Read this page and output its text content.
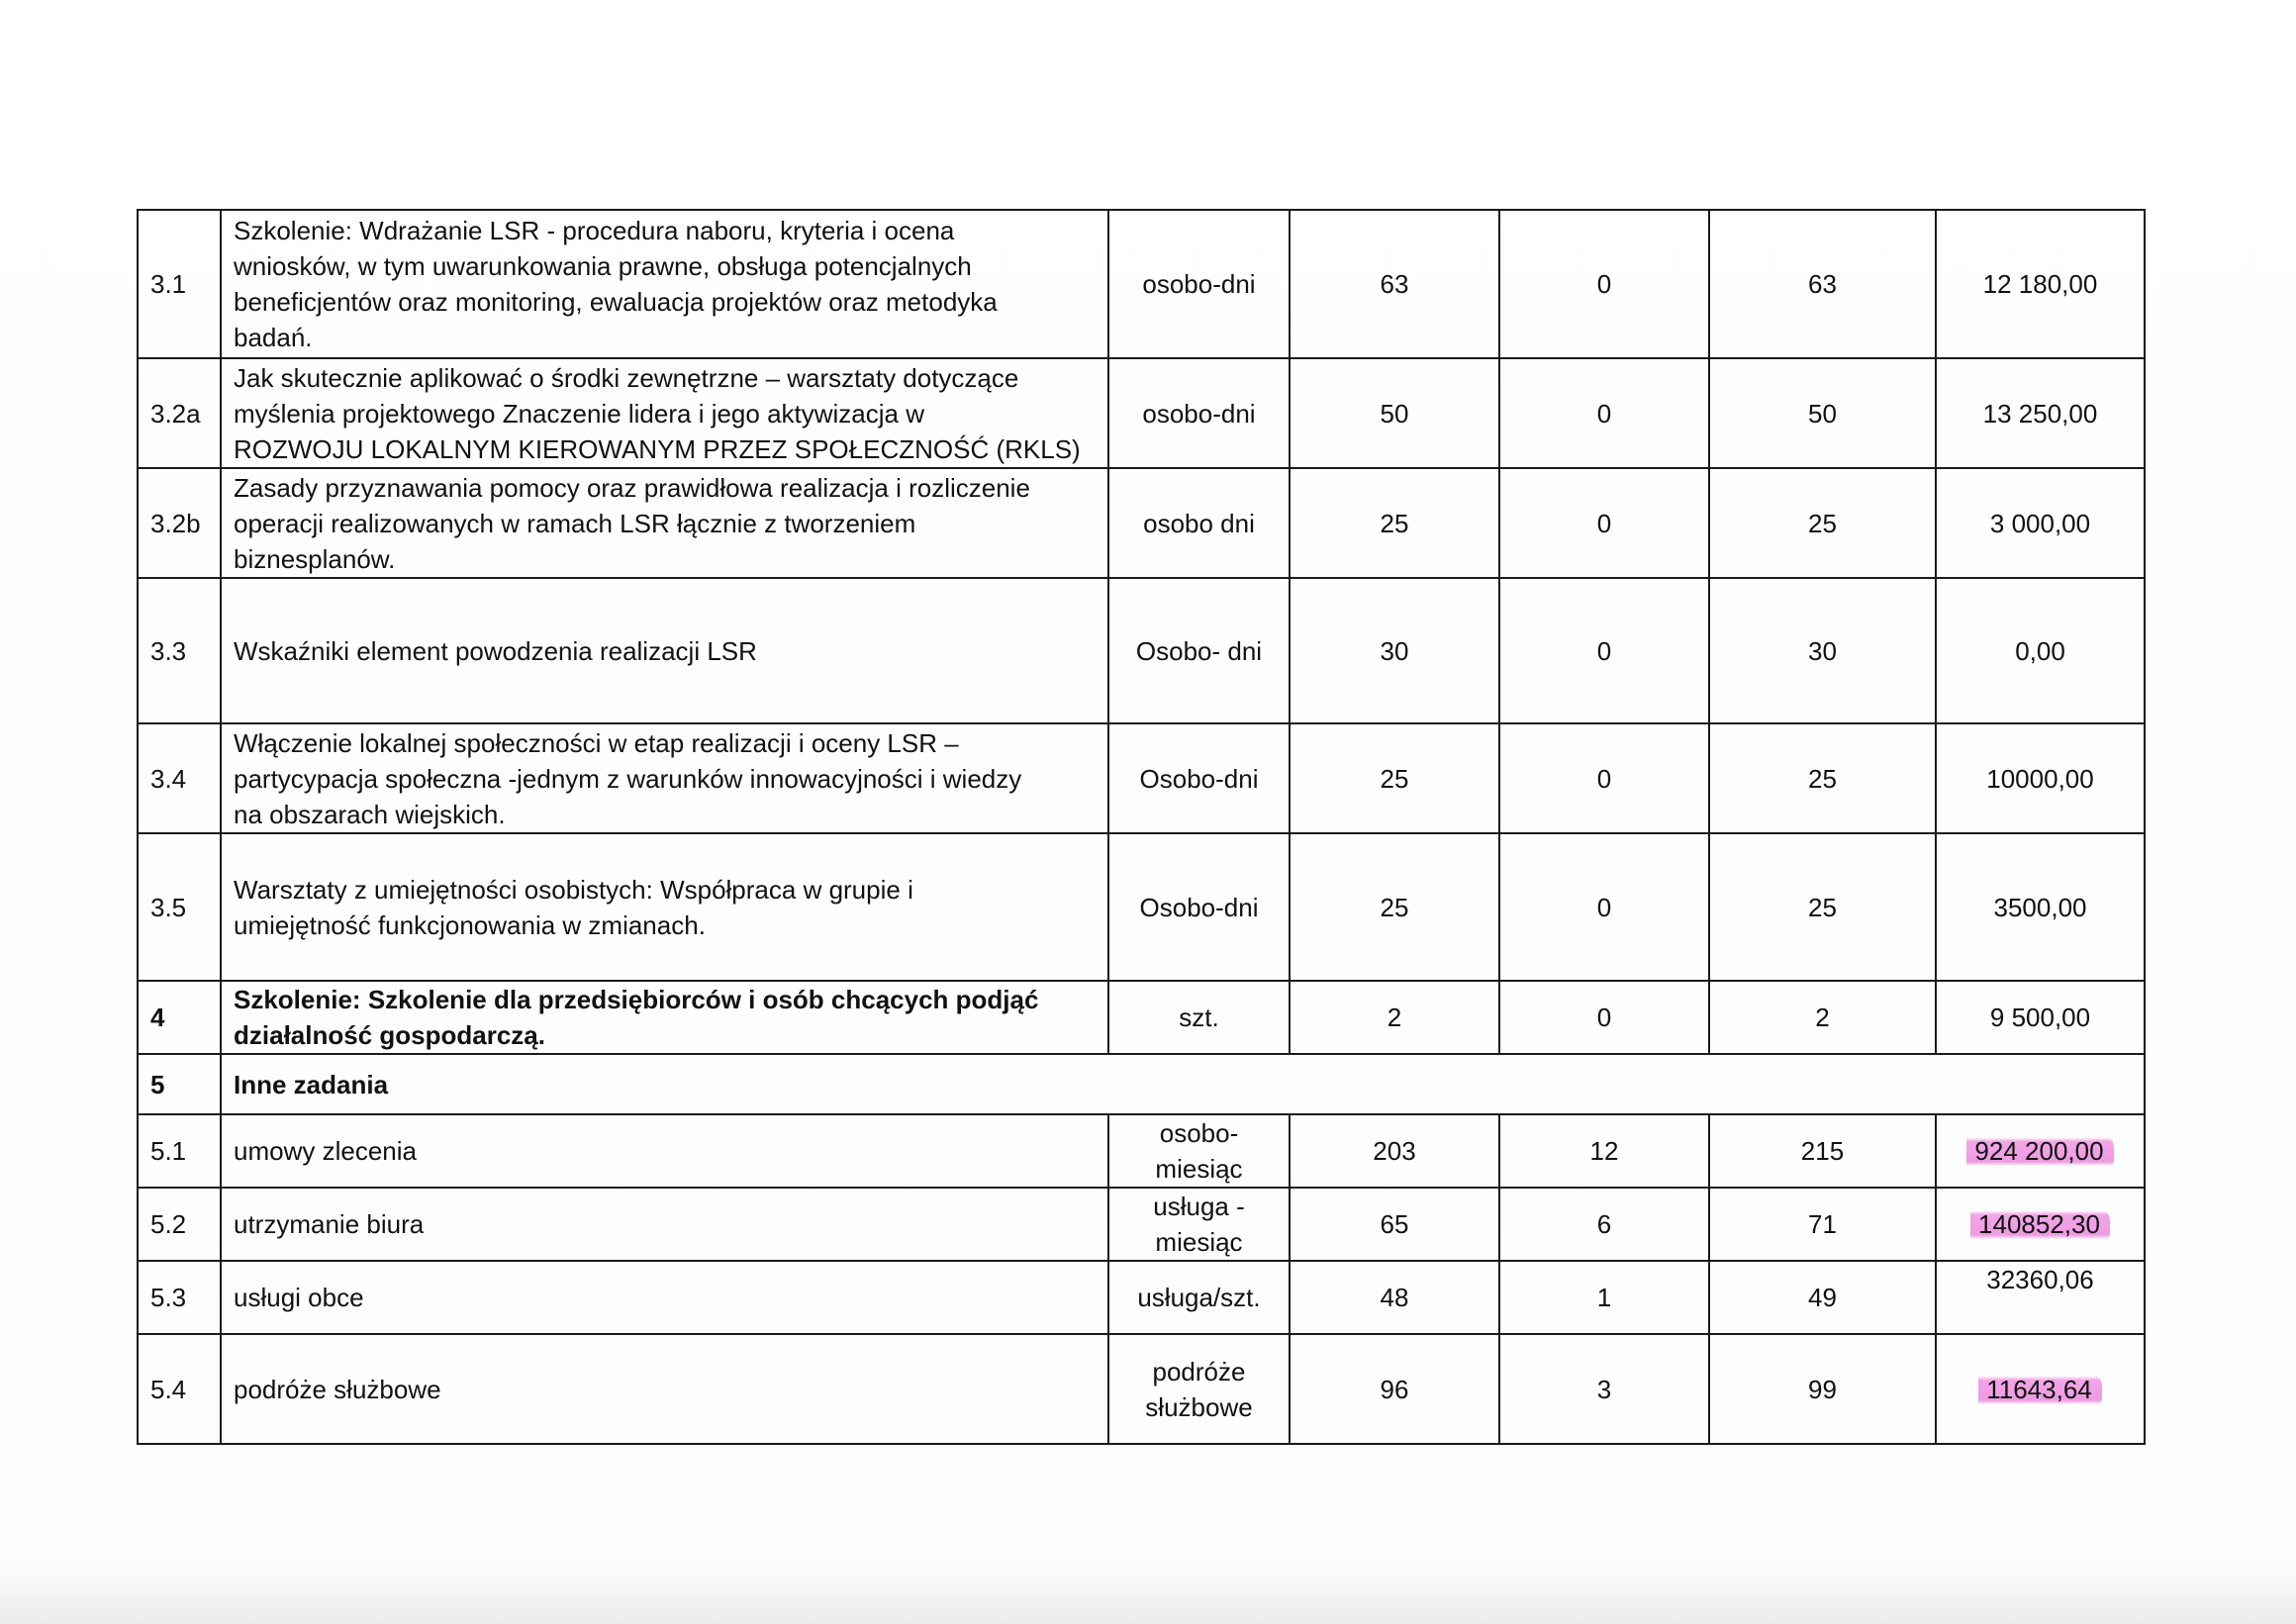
3.1	Szkolenie: Wdrażanie LSR - procedura naboru, kryteria i ocena
wniosków, w tym uwarunkowania prawne, obsługa potencjalnych
beneficjentów oraz monitoring, ewaluacja projektów oraz metodyka
badań.	osobo-dni	63	0	63	12 180,00
3.2a	Jak skutecznie aplikować o środki zewnętrzne – warsztaty dotyczące
myślenia projektowego Znaczenie lidera i jego aktywizacja w
ROZWOJU LOKALNYM KIEROWANYM PRZEZ SPOŁECZNOŚĆ (RKLS)	osobo-dni	50	0	50	13 250,00
3.2b	Zasady przyznawania pomocy oraz prawidłowa realizacja i rozliczenie
operacji realizowanych w ramach LSR łącznie z tworzeniem
biznesplanów.	osobo dni	25	0	25	3 000,00
3.3	Wskaźniki element powodzenia realizacji LSR	Osobo- dni	30	0	30	0,00
3.4	Włączenie lokalnej społeczności w etap realizacji i oceny LSR –
partycypacja społeczna -jednym z warunków innowacyjności i wiedzy
na obszarach wiejskich.	Osobo-dni	25	0	25	10000,00
3.5	Warsztaty z umiejętności osobistych: Współpraca w grupie i
umiejętność funkcjonowania w zmianach.	Osobo-dni	25	0	25	3500,00
4	Szkolenie: Szkolenie dla przedsiębiorców i osób chcących podjąć
działalność gospodarczą.	szt.	2	0	2	9 500,00
5	Inne zadania					
5.1	umowy zlecenia	osobo-
miesiąc	203	12	215	924 200,00
5.2	utrzymanie biura	usługa -
miesiąc	65	6	71	140852,30
5.3	usługi obce	usługa/szt.	48	1	49	32360,06
5.4	podróże służbowe	podróże
służbowe	96	3	99	11643,64
